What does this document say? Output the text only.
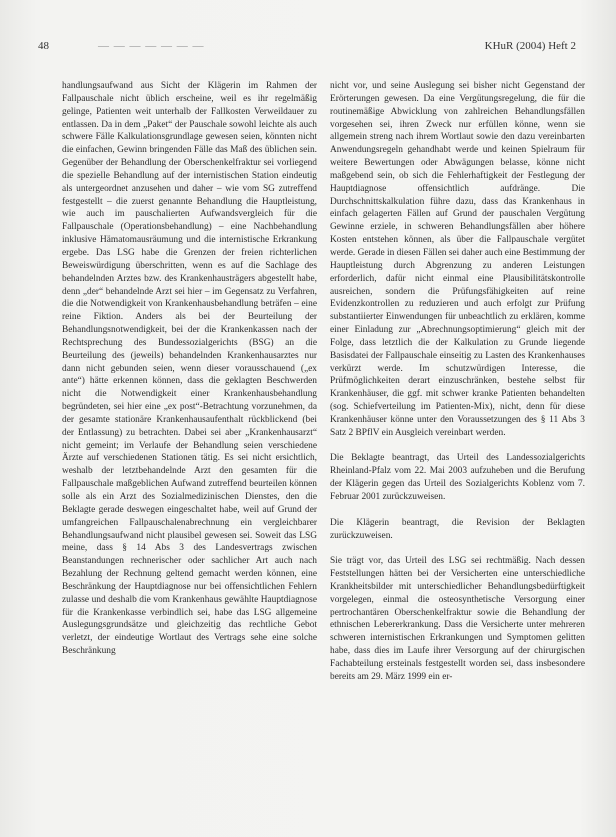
48	— — — — — — —	KHuR (2004) Heft 2

handlungsaufwand aus Sicht der Klägerin im Rahmen der Fallpauschale nicht üblich erscheine, weil es ihr regelmäßig gelinge, Patienten weit unterhalb der Fallkosten Verweildauer zu entlassen. Da in dem „Paket“ der Pauschale sowohl leichte als auch schwere Fälle Kalkulationsgrundlage gewesen seien, könnten nicht die einfachen, Gewinn bringenden Fälle das Maß des üblichen sein. Gegenüber der Behandlung der Oberschenkelfraktur sei vorliegend die spezielle Behandlung auf der internistischen Station eindeutig als untergeordnet anzusehen und daher – wie vom SG zutreffend festgestellt – die zuerst genannte Behandlung die Hauptleistung, wie auch im pauschalierten Aufwandsvergleich für die Fallpauschale (Operationsbehandlung) – eine Nachbehandlung inklusive Hämatomausräumung und die internistische Erkrankung ergebe. Das LSG habe die Grenzen der freien richterlichen Beweiswürdigung überschritten, wenn es auf die Sachlage des behandelnden Arztes bzw. des Krankenhausträgers abgestellt habe, denn „der“ behandelnde Arzt sei hier – im Gegensatz zu Verfahren, die die Notwendigkeit von Krankenhausbehandlung beträfen – eine reine Fiktion. Anders als bei der Beurteilung der Behandlungsnotwendigkeit, bei der die Krankenkassen nach der Rechtsprechung des Bundessozialgerichts (BSG) an die Beurteilung des (jeweils) behandelnden Krankenhausarztes nur dann nicht gebunden seien, wenn dieser vorausschauend („ex ante“) hätte erkennen können, dass die geklagten Beschwerden nicht die Notwendigkeit einer Krankenhausbehandlung begründeten, sei hier eine „ex post“-Betrachtung vorzunehmen, da der gesamte stationäre Krankenhausaufenthalt rückblickend (bei der Entlassung) zu betrachten. Dabei sei aber „Krankenhausarzt“ nicht gemeint; im Verlaufe der Behandlung seien verschiedene Ärzte auf verschiedenen Stationen tätig. Es sei nicht ersichtlich, weshalb der letztbehandelnde Arzt den gesamten für die Fallpauschale maßgeblichen Aufwand zutreffend beurteilen können solle als ein Arzt des Sozialmedizinischen Dienstes, den die Beklagte gerade deswegen eingeschaltet habe, weil auf Grund der umfangreichen Fallpauschalenabrechnung ein vergleichbarer Behandlungsaufwand nicht plausibel gewesen sei. Soweit das LSG meine, dass § 14 Abs 3 des Landesvertrags zwischen Beanstandungen rechnerischer oder sachlicher Art auch nach Bezahlung der Rechnung geltend gemacht werden können, eine Beschränkung der Hauptdiagnose nur bei offensichtlichen Fehlern zulasse und deshalb die vom Krankenhaus gewählte Hauptdiagnose für die Krankenkasse verbindlich sei, habe das LSG allgemeine Auslegungsgrundsätze und gleichzeitig das rechtliche Gebot verletzt, der eindeutige Wortlaut des Vertrags sehe eine solche Beschränkung

nicht vor, und seine Auslegung sei bisher nicht Gegenstand der Erörterungen gewesen. Da eine Vergütungsregelung, die für die routinemäßige Abwicklung von zahlreichen Behandlungsfällen vorgesehen sei, ihren Zweck nur erfüllen könne, wenn sie allgemein streng nach ihrem Wortlaut sowie den dazu vereinbarten Anwendungsregeln gehandhabt werde und keinen Spielraum für weitere Bewertungen oder Abwägungen belasse, könne nicht maßgebend sein, ob sich die Fehlerhaftigkeit der Festlegung der Hauptdiagnose offensichtlich aufdränge. Die Durchschnittskalkulation führe dazu, dass das Krankenhaus in einfach gelagerten Fällen auf Grund der pauschalen Vergütung Gewinne erziele, in schweren Behandlungsfällen aber höhere Kosten entstehen können, als über die Fallpauschale vergütet werde. Gerade in diesen Fällen sei daher auch eine Bestimmung der Hauptleistung durch Abgrenzung zu anderen Leistungen erforderlich, dafür nicht einmal eine Plausibilitätskontrolle ausreichen, sondern die Prüfungsfähigkeiten auf reine Evidenzkontrollen zu reduzieren und auch erfolgt zur Prüfung substantiierter Einwendungen für unbeachtlich zu erklären, komme einer Einladung zur „Abrechnungsoptimierung“ gleich mit der Folge, dass letztlich die der Kalkulation zu Grunde liegende Basisdatei der Fallpauschale einseitig zu Lasten des Krankenhauses verkürzt werde. Im schutzwürdigen Interesse, die Prüfmöglichkeiten derart einzuschränken, bestehe selbst für Krankenhäuser, die ggf. mit schwer kranke Patienten behandelten (sog. Schiefverteilung im Patienten-Mix), nicht, denn für diese Krankenhäuser könne unter den Voraussetzungen des § 11 Abs 3 Satz 2 BPflV ein Ausgleich vereinbart werden.

Die Beklagte beantragt, das Urteil des Landessozialgerichts Rheinland-Pfalz vom 22. Mai 2003 aufzuheben und die Berufung der Klägerin gegen das Urteil des Sozialgerichts Koblenz vom 7. Februar 2001 zurückzuweisen.

Die Klägerin beantragt, die Revision der Beklagten zurückzuweisen.

Sie trägt vor, das Urteil des LSG sei rechtmäßig. Nach dessen Feststellungen hätten bei der Versicherten eine unterschiedliche Krankheitsbilder mit unterschiedlicher Behandlungsbedürftigkeit vorgelegen, einmal die osteosynthetische Versorgung einer pertrochantären Oberschenkelfraktur sowie die Behandlung der ethnischen Lebererkrankung. Dass die Versicherte unter mehreren schweren internistischen Erkrankungen und Symptomen gelitten habe, dass dies im Laufe ihrer Versorgung auf der chirurgischen Fachabteilung ersteinals festgestellt worden sei, dass insbesondere bereits am 29. März 1999 ein er-
